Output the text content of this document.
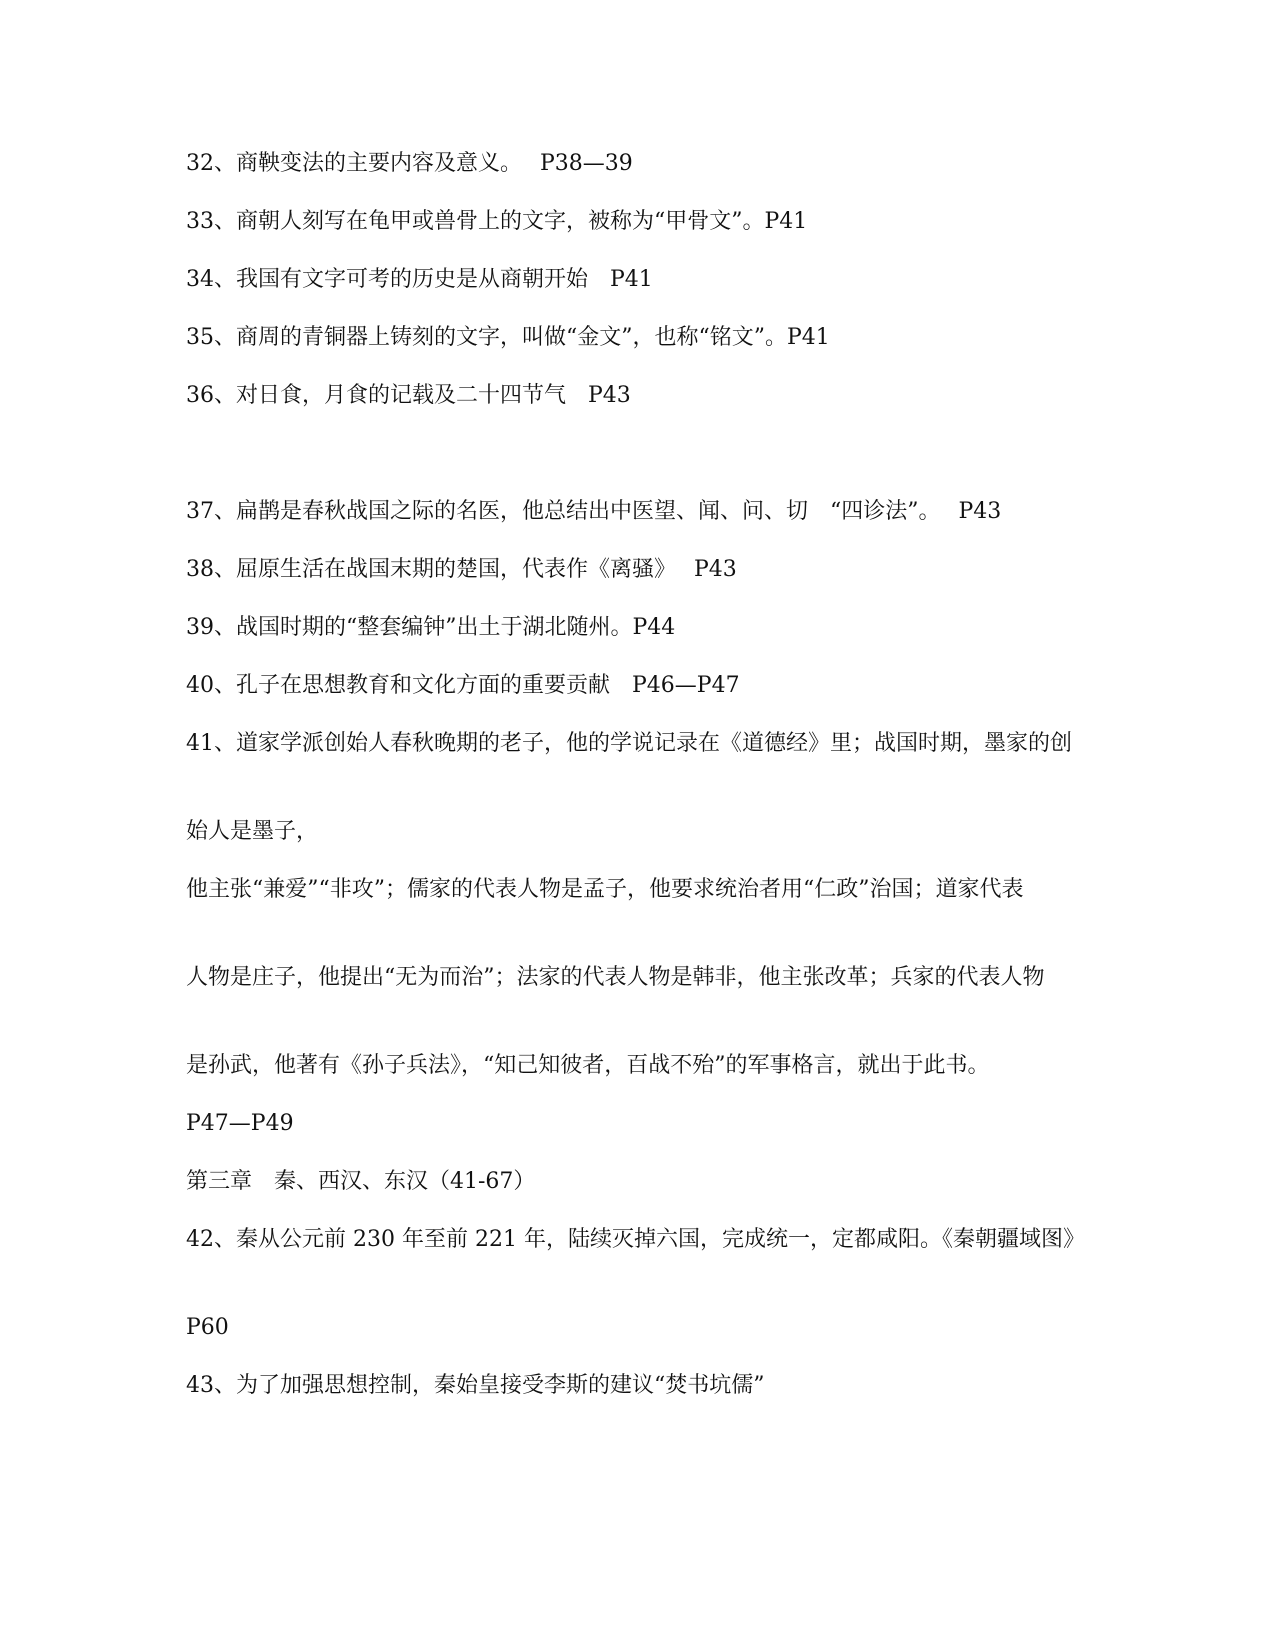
32、商鞅变法的主要内容及意义。　 P38—39
33、商朝人刻写在龟甲或兽骨上的文字，被称为“甲骨文”。P41
34、我国有文字可考的历史是从商朝开始　P41
35、商周的青铜器上铸刻的文字，叫做“金文”，也称“铭文”。P41
36、对日食，月食的记载及二十四节气　P43
37、扁鹊是春秋战国之际的名医，他总结出中医望、闻、问、切　“四诊法”。　 P43
38、屈原生活在战国末期的楚国，代表作《离骚》　 P43
39、战国时期的“整套编钟”出土于湖北随州。P44
40、孔子在思想教育和文化方面的重要贡献　P46—P47
41、道家学派创始人春秋晚期的老子，他的学说记录在《道德经》里；战国时期，墨家的创
始人是墨子，
他主张“兼爱”“非攻”；儒家的代表人物是孟子，他要求统治者用“仁政”治国；道家代表
人物是庄子，他提出“无为而治”；法家的代表人物是韩非，他主张改革；兵家的代表人物
是孙武，他著有《孙子兵法》，“知己知彼者，百战不殆”的军事格言，就出于此书。
P47—P49
第三章　秦、西汉、东汉（41-67）
42、秦从公元前 230 年至前 221 年，陆续灭掉六国，完成统一，定都咸阳。《秦朝疆域图》
P60
43、为了加强思想控制，秦始皇接受李斯的建议“焚书坑儒”
